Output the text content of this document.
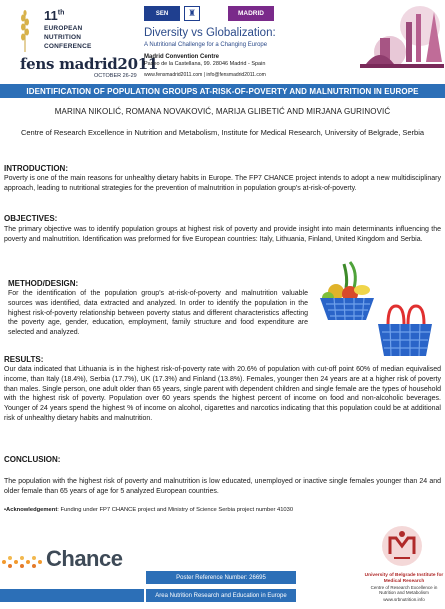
11th
EUROPEAN
NUTRITION
CONFERENCE
fens madrid2011
OCTOBER 26-29
SEN	♜	MADRID
Diversity vs Globalization:
A Nutritional Challenge for a Changing Europe
Madrid Convention Centre
Paseo de la Castellana, 99. 28046 Madrid - Spain
www.fensmadrid2011.com | info@fensmadrid2011.com
IDENTIFICATION OF POPULATION GROUPS AT-RISK-OF-POVERTY AND MALNUTRITION IN EUROPE
MARINA NIKOLIĆ, ROMANA NOVAKOVIĆ, MARIJA GLIBETIĆ AND MIRJANA GURINOVIĆ
Centre of Research Excellence in Nutrition and Metabolism, Institute for Medical Research, University of Belgrade, Serbia
INTRODUCTION:
Poverty is one of the main reasons for unhealthy dietary habits in Europe. The FP7 CHANCE project intends to adopt a new multidisciplinary approach, leading to nutritional strategies for the prevention of malnutrition in population group's at-risk-of-poverty.
OBJECTIVES:
The primary objective was to identify population groups at highest risk of poverty and provide insight into main determinants influencing the poverty and malnutrition. Identification was preformed for five European countries: Italy, Lithuania, Finland, United Kingdom and Serbia.
METHOD/DESIGN:
For the identification of the population group's at-risk-of-poverty and malnutrition valuable sources was identified, data extracted and analyzed. In order to identify the population in the highest risk-of-poverty relationship between poverty status and different characteristics affecting the poverty age, gender, education, employment, family structure and food expenditure are selected and analyzed.
RESULTS:
Our data indicated that Lithuania is in the highest risk-of-poverty rate with 20.6% of population with cut-off point 60% of median equivalised income, than Italy (18.4%), Serbia (17.7%), UK (17.3%) and Finland (13.8%). Females, younger then 24 years are at a higher risk of poverty than males. Single person, one adult older than 65 years, single parent with dependent children and single female are the types of household with the highest risk of poverty. Population over 60 years spends the highest percent of income on food and non-alcoholic beverages. Younger of 24 years spend the highest % of income on alcohol, cigarettes and narcotics indicating that this population could be at additional risk of unhealthy dietary habits and malnutrition.
CONCLUSION:
The population with the highest risk of poverty and malnutrition is low educated, unemployed or inactive single females younger than 24 and older female than 65 years of age for 5 analyzed European countries.
•Acknowledgement: Funding under FP7 CHANCE project and Ministry of Science Serbia project number 41030
Chance
Poster Reference Number: 26695
Area Nutrition Research and Education in Europe
University of Belgrade Institute for Medical Research
Centre of Research Excellence in Nutrition and Metabolism
www.srbnutrition.info
